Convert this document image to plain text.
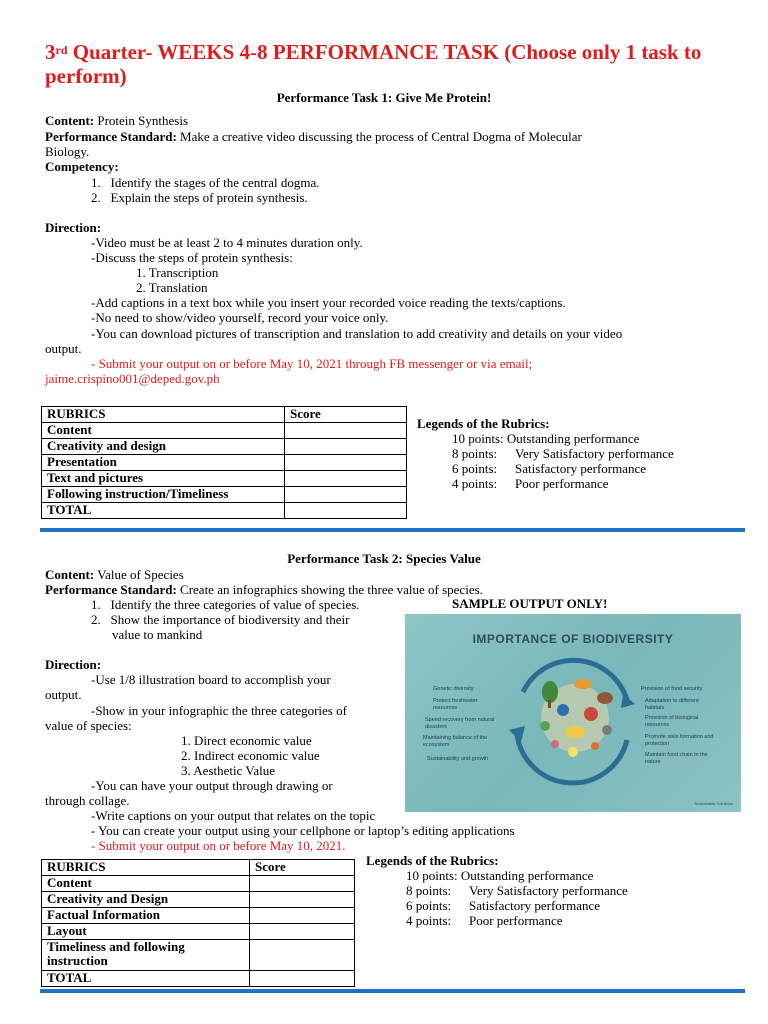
3rd Quarter- WEEKS 4-8 PERFORMANCE TASK (Choose only 1 task to perform)
Performance Task 1: Give Me Protein!
Content: Protein Synthesis
Performance Standard: Make a creative video discussing the process of Central Dogma of Molecular
Biology.
Competency:
1.   Identify the stages of the central dogma.
2.   Explain the steps of protein synthesis.
Direction:
-Video must be at least 2 to 4 minutes duration only.
-Discuss the steps of protein synthesis:
1. Transcription
2. Translation
-Add captions in a text box while you insert your recorded voice reading the texts/captions.
-No need to show/video yourself, record your voice only.
-You can download pictures of transcription and translation to add creativity and details on your video
output.
- Submit your output on or before May 10, 2021 through FB messenger or via email;
jaime.crispino001@deped.gov.ph
RUBRICS	Score
Content	
Creativity and design	
Presentation	
Text and pictures	
Following instruction/Timeliness	
TOTAL	
Legends of the Rubrics:
10 points: Outstanding performance
8 points: Very Satisfactory performance
6 points: Satisfactory performance
4 points: Poor performance
Performance Task 2: Species Value
Content: Value of Species
Performance Standard: Create an infographics showing the three value of species.
1.   Identify the three categories of value of species.
2.   Show the importance of biodiversity and their
value to mankind
SAMPLE OUTPUT ONLY!
Direction:
-Use 1/8 illustration board to accomplish your
output.
-Show in your infographic the three categories of
value of species:
1. Direct economic value
2. Indirect economic value
3. Aesthetic Value
-You can have your output through drawing or
through collage.
-Write captions on your output that relates on the topic
- You can create your output using your cellphone or laptop’s editing applications
- Submit your output on or before May 10, 2021.
IMPORTANCE OF BIODIVERSITY
Genetic diversity
Protect freshwater resources
Speed recovery from natural disasters
Maintaining balance of the ecosystem
Sustainability and growth
Provision of food security
Adaptation to different habitats
Provision of biological resources
Promote soils formation and protection
Maintain food chain in the nature
Sustainable Solutions
RUBRICS	Score
Content	
Creativity and Design	
Factual Information	
Layout	

Timeliness and following
instruction	

TOTAL	
Legends of the Rubrics:
10 points: Outstanding performance
8 points: Very Satisfactory performance
6 points: Satisfactory performance
4 points: Poor performance
